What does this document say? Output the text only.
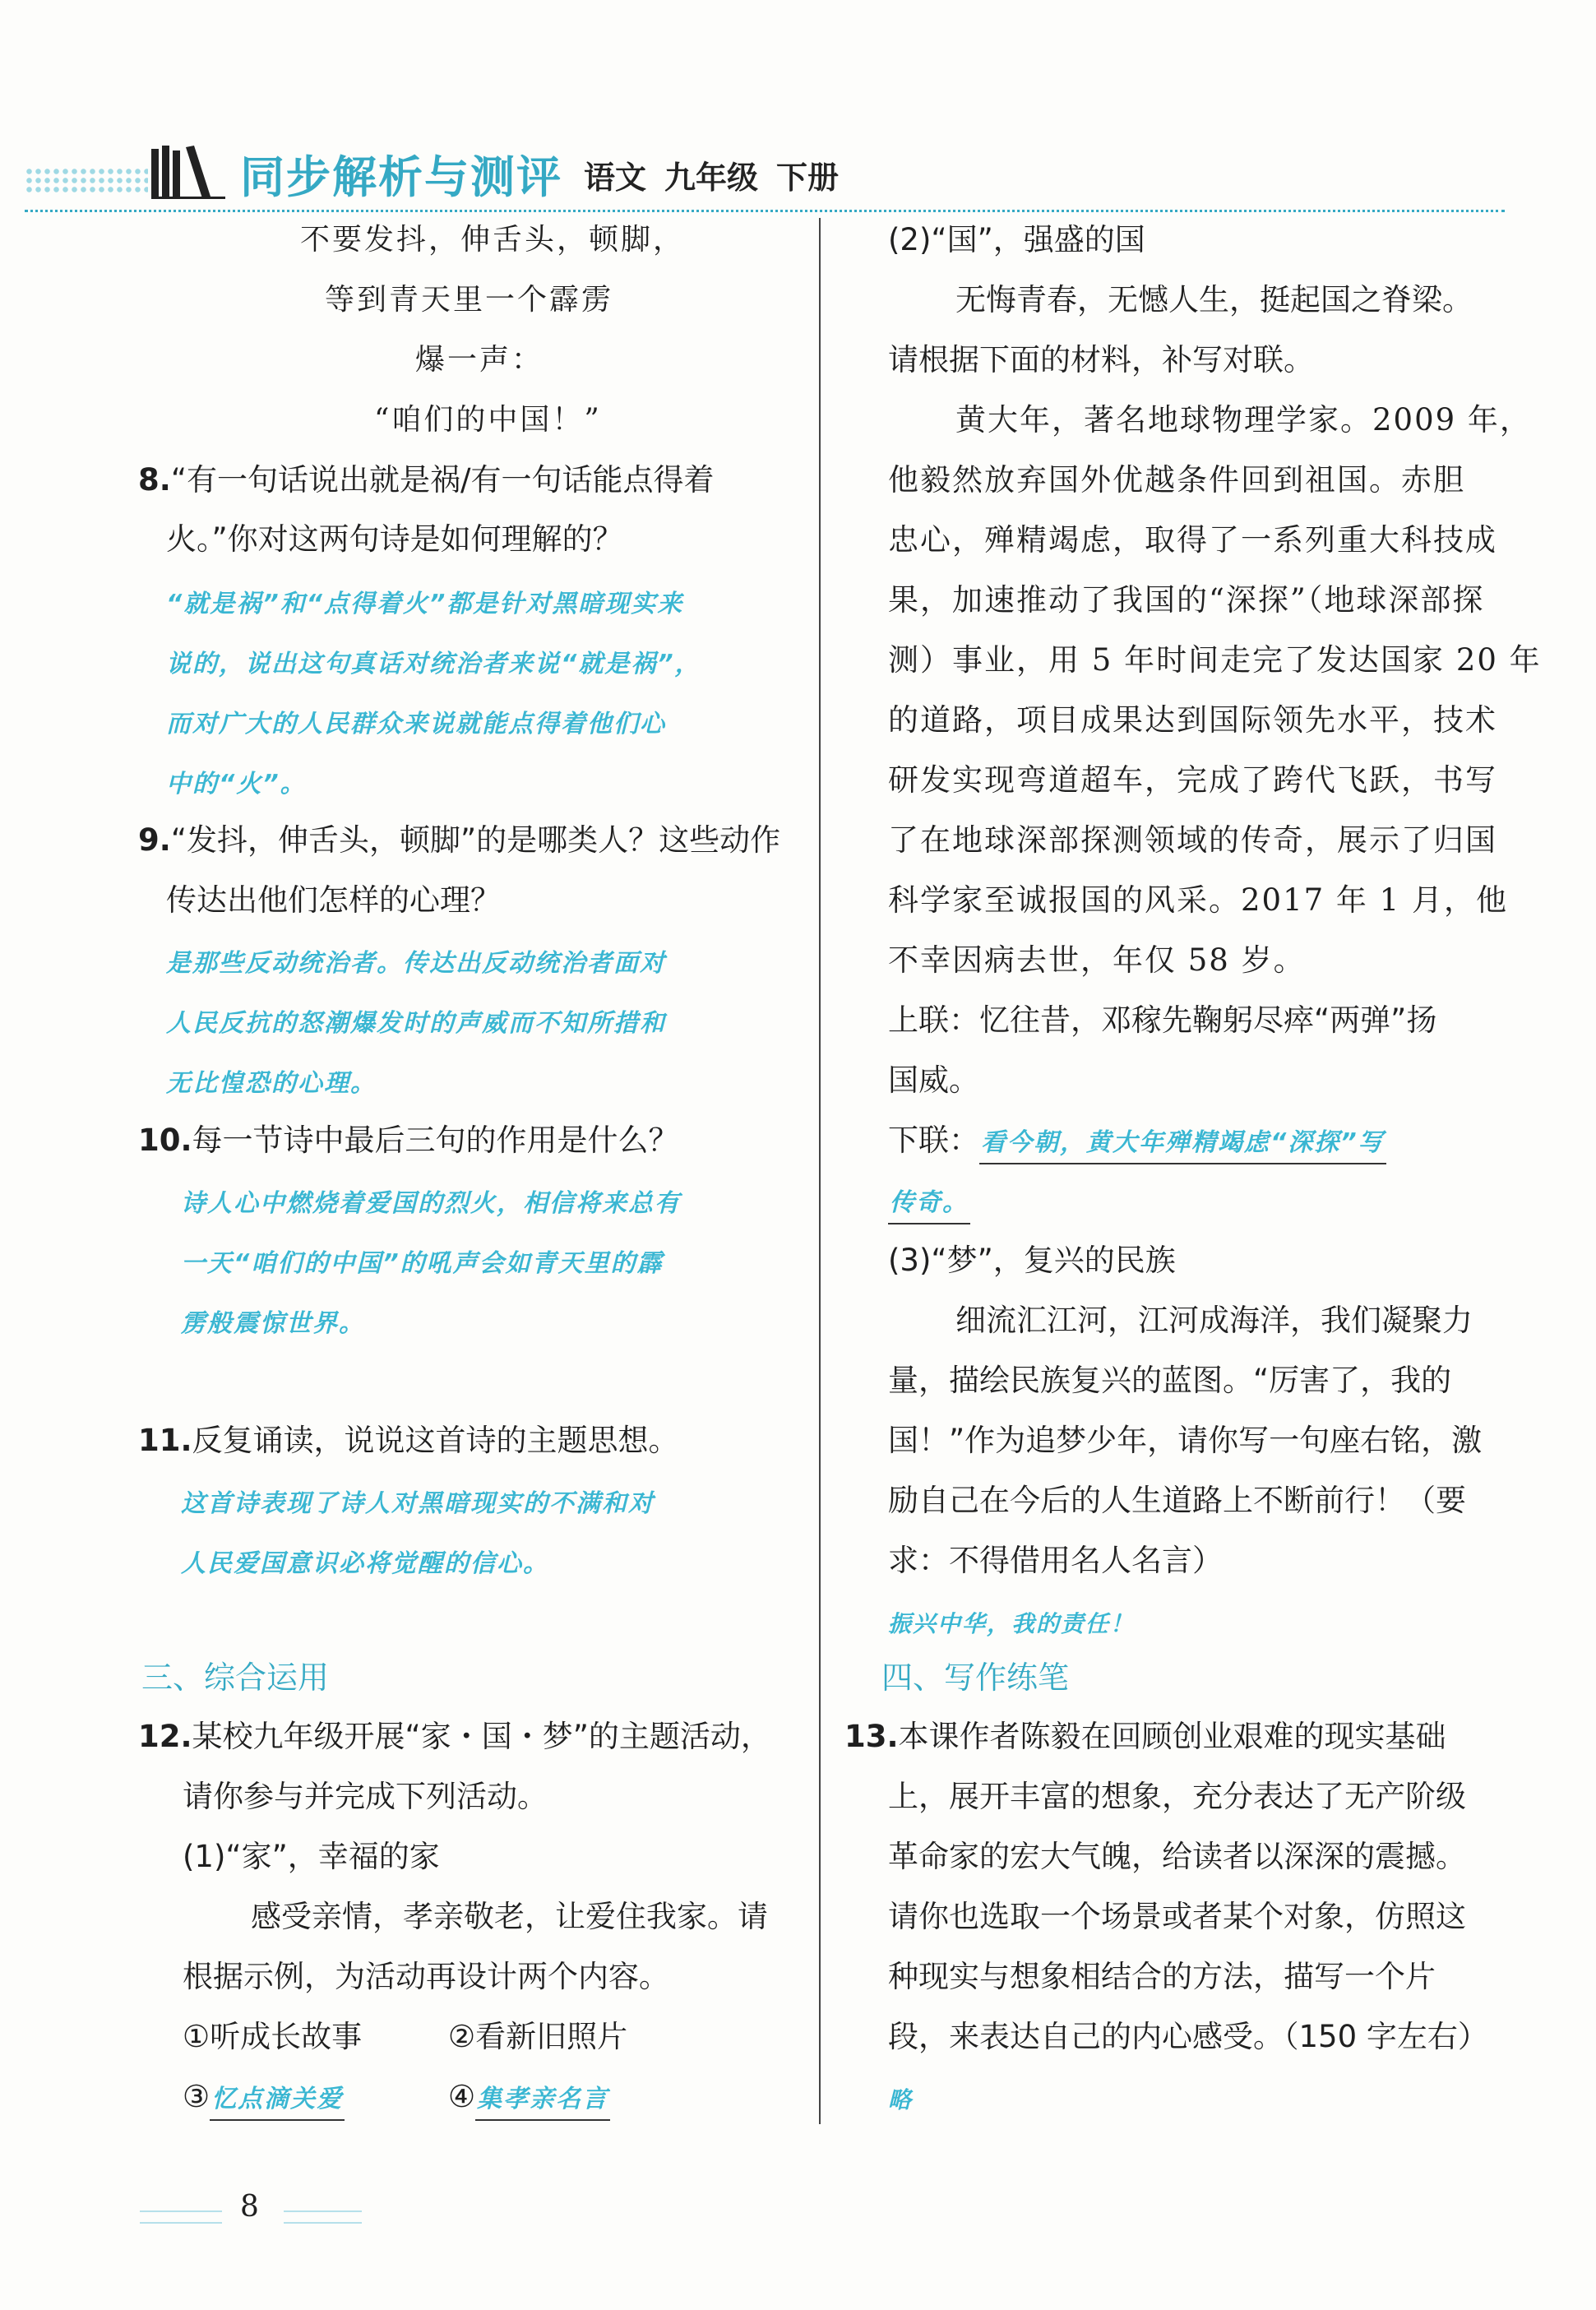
同步解析与测评 语文 九年级 下册
不要发抖，伸舌头，顿脚，
等到青天里一个霹雳
爆一声：
“咱们的中国！”
8.“有一句话说出就是祸/有一句话能点得着
火。”你对这两句诗是如何理解的？
“就是祸”和“点得着火”都是针对黑暗现实来
说的，说出这句真话对统治者来说“就是祸”，
而对广大的人民群众来说就能点得着他们心
中的“火”。
9.“发抖，伸舌头，顿脚”的是哪类人？这些动作
传达出他们怎样的心理？
是那些反动统治者。传达出反动统治者面对
人民反抗的怒潮爆发时的声威而不知所措和
无比惶恐的心理。
10.每一节诗中最后三句的作用是什么？
诗人心中燃烧着爱国的烈火，相信将来总有
一天“咱们的中国”的吼声会如青天里的霹
雳般震惊世界。
11.反复诵读，说说这首诗的主题思想。
这首诗表现了诗人对黑暗现实的不满和对
人民爱国意识必将觉醒的信心。
三、综合运用
12.某校九年级开展“家・国・梦”的主题活动，
请你参与并完成下列活动。
(1)“家”，幸福的家
感受亲情，孝亲敬老，让爱住我家。请
根据示例，为活动再设计两个内容。
①听成长故事	②看新旧照片
③忆点滴关爱	④集孝亲名言
(2)“国”，强盛的国
无悔青春，无憾人生，挺起国之脊梁。
请根据下面的材料，补写对联。
黄大年，著名地球物理学家。2009 年，
他毅然放弃国外优越条件回到祖国。赤胆
忠心，殚精竭虑，取得了一系列重大科技成
果，加速推动了我国的“深探”（地球深部探
测）事业，用 5 年时间走完了发达国家 20 年
的道路，项目成果达到国际领先水平，技术
研发实现弯道超车，完成了跨代飞跃，书写
了在地球深部探测领域的传奇，展示了归国
科学家至诚报国的风采。2017 年 1 月，他
不幸因病去世，年仅 58 岁。
上联：忆往昔，邓稼先鞠躬尽瘁“两弹”扬
国威。
下联：看今朝，黄大年殚精竭虑“深探”写
传奇。
(3)“梦”，复兴的民族
细流汇江河，江河成海洋，我们凝聚力
量，描绘民族复兴的蓝图。“厉害了，我的
国！”作为追梦少年，请你写一句座右铭，激
励自己在今后的人生道路上不断前行！（要
求：不得借用名人名言）
振兴中华，我的责任！
四、写作练笔
13.本课作者陈毅在回顾创业艰难的现实基础
上，展开丰富的想象，充分表达了无产阶级
革命家的宏大气魄，给读者以深深的震撼。
请你也选取一个场景或者某个对象，仿照这
种现实与想象相结合的方法，描写一个片
段，来表达自己的内心感受。（150 字左右）
略
8
